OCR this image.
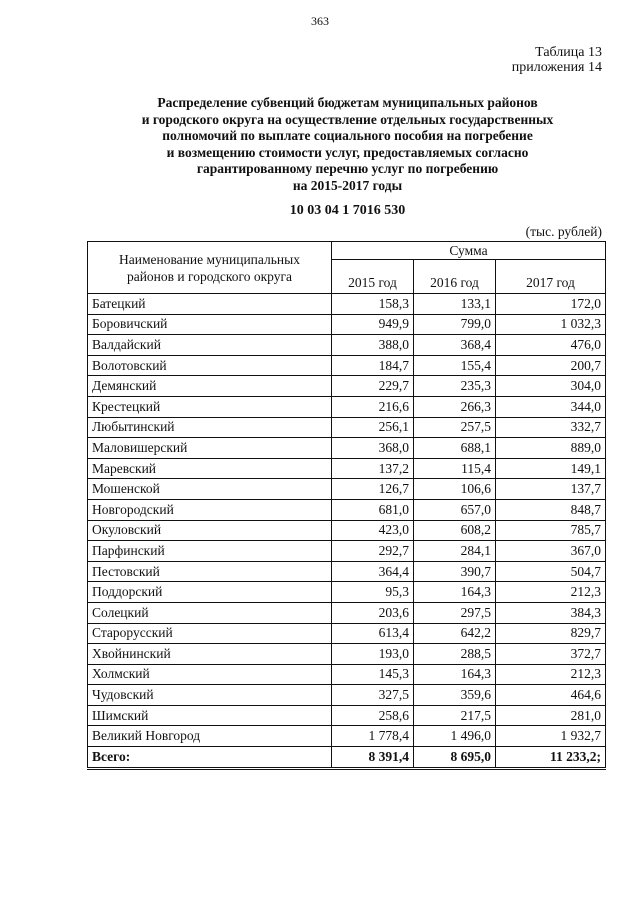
363
Таблица 13
приложения 14
Распределение субвенций бюджетам муниципальных районов
и городского округа на осуществление отдельных государственных
полномочий по выплате социального пособия на погребение
и возмещению стоимости услуг, предоставляемых согласно
гарантированному перечню услуг по погребению
на 2015-2017 годы
10 03 04 1 7016 530
(тыс. рублей)
Наименование муниципальных районов и городского округа	Сумма		
	2015 год	2016 год	2017 год
Батецкий	158,3	133,1	172,0
Боровичский	949,9	799,0	1 032,3
Валдайский	388,0	368,4	476,0
Волотовский	184,7	155,4	200,7
Демянский	229,7	235,3	304,0
Крестецкий	216,6	266,3	344,0
Любытинский	256,1	257,5	332,7
Маловишерский	368,0	688,1	889,0
Маревский	137,2	115,4	149,1
Мошенской	126,7	106,6	137,7
Новгородский	681,0	657,0	848,7
Окуловский	423,0	608,2	785,7
Парфинский	292,7	284,1	367,0
Пестовский	364,4	390,7	504,7
Поддорский	95,3	164,3	212,3
Солецкий	203,6	297,5	384,3
Старорусский	613,4	642,2	829,7
Хвойнинский	193,0	288,5	372,7
Холмский	145,3	164,3	212,3
Чудовский	327,5	359,6	464,6
Шимский	258,6	217,5	281,0
Великий Новгород	1 778,4	1 496,0	1 932,7
Всего:	8 391,4	8 695,0	11 233,2;
